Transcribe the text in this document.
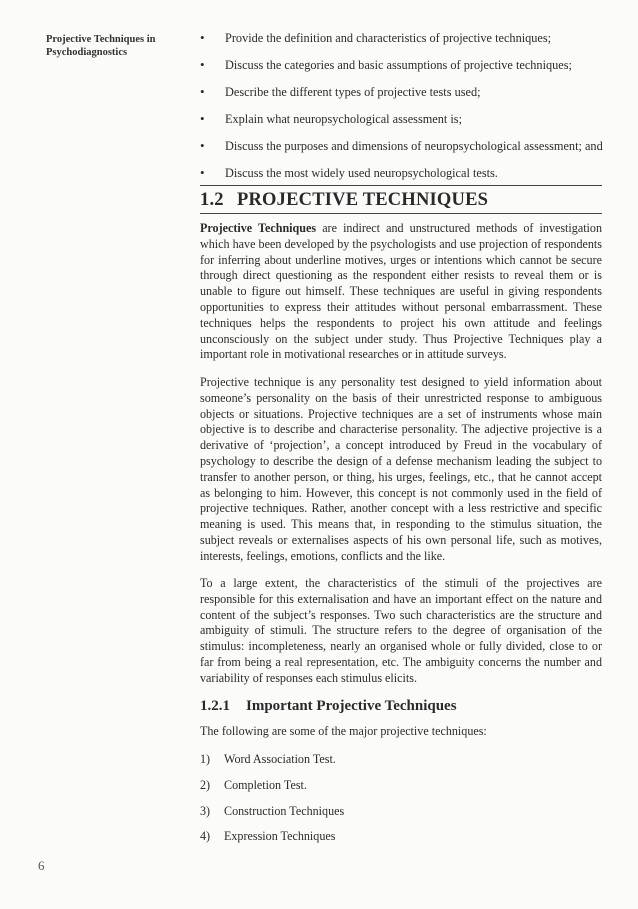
Projective Techniques in Psychodiagnostics
• Provide the definition and characteristics of projective techniques;
• Discuss the categories and basic assumptions of projective techniques;
• Describe the different types of projective tests used;
• Explain what neuropsychological assessment is;
• Discuss the purposes and dimensions of neuropsychological assessment; and
• Discuss the most widely used neuropsychological tests.
1.2 PROJECTIVE TECHNIQUES

Projective Techniques are indirect and unstructured methods of investigation which have been developed by the psychologists and use projection of respondents for inferring about underline motives, urges or intentions which cannot be secure through direct questioning as the respondent either resists to reveal them or is unable to figure out himself. These techniques are useful in giving respondents opportunities to express their attitudes without personal embarrassment. These techniques helps the respondents to project his own attitude and feelings unconsciously on the subject under study. Thus Projective Techniques play a important role in motivational researches or in attitude surveys.

Projective technique is any personality test designed to yield information about someone’s personality on the basis of their unrestricted response to ambiguous objects or situations. Projective techniques are a set of instruments whose main objective is to describe and characterise personality. The adjective projective is a derivative of ‘projection’, a concept introduced by Freud in the vocabulary of psychology to describe the design of a defense mechanism leading the subject to transfer to another person, or thing, his urges, feelings, etc., that he cannot accept as belonging to him. However, this concept is not commonly used in the field of projective techniques. Rather, another concept with a less restrictive and specific meaning is used. This means that, in responding to the stimulus situation, the subject reveals or externalises aspects of his own personal life, such as motives, interests, feelings, emotions, conflicts and the like.

To a large extent, the characteristics of the stimuli of the projectives are responsible for this externalisation and have an important effect on the nature and content of the subject’s responses. Two such characteristics are the structure and ambiguity of stimuli. The structure refers to the degree of organisation of the stimulus: incompleteness, nearly an organised whole or fully divided, close to or far from being a real representation, etc. The ambiguity concerns the number and variability of responses each stimulus elicits.

1.2.1 Important Projective Techniques

The following are some of the major projective techniques:

1) Word Association Test.
2) Completion Test.
3) Construction Techniques
4) Expression Techniques
6
